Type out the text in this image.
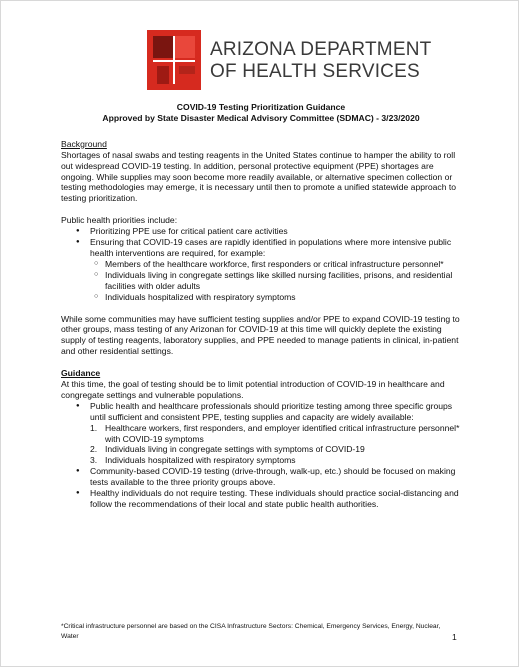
ARIZONA DEPARTMENT
OF HEALTH SERVICES

COVID-19 Testing Prioritization Guidance

Approved by State Disaster Medical Advisory Committee (SDMAC) - 3/23/2020

Background

Shortages of nasal swabs and testing reagents in the United States continue to hamper the ability to roll out widespread COVID-19 testing. In addition, personal protective equipment (PPE) shortages are ongoing. While supplies may soon become more readily available, or alternative specimen collection or testing methodologies may emerge, it is necessary until then to promote a unified statewide approach to testing prioritization.

Public health priorities include:

● Prioritizing PPE use for critical patient care activities
● Ensuring that COVID-19 cases are rapidly identified in populations where more intensive public health interventions are required, for example:
○ Members of the healthcare workforce, first responders or critical infrastructure personnel*
○ Individuals living in congregate settings like skilled nursing facilities, prisons, and residential facilities with older adults
○ Individuals hospitalized with respiratory symptoms

While some communities may have sufficient testing supplies and/or PPE to expand COVID-19 testing to other groups, mass testing of any Arizonan for COVID-19 at this time will quickly deplete the existing supply of testing reagents, laboratory supplies, and PPE needed to manage patients in clinical, in-patient and other residential settings.

Guidance

At this time, the goal of testing should be to limit potential introduction of COVID-19 in healthcare and congregate settings and vulnerable populations.

● Public health and healthcare professionals should prioritize testing among three specific groups until sufficient and consistent PPE, testing supplies and capacity are widely available:
1. Healthcare workers, first responders, and employer identified critical infrastructure personnel* with COVID-19 symptoms
2. Individuals living in congregate settings with symptoms of COVID-19
3. Individuals hospitalized with respiratory symptoms
● Community-based COVID-19 testing (drive-through, walk-up, etc.) should be focused on making tests available to the three priority groups above.
● Healthy individuals do not require testing. These individuals should practice social-distancing and follow the recommendations of their local and state public health authorities.
*Critical infrastructure personnel are based on the CISA Infrastructure Sectors: Chemical, Emergency Services, Energy, Nuclear, Water	1
